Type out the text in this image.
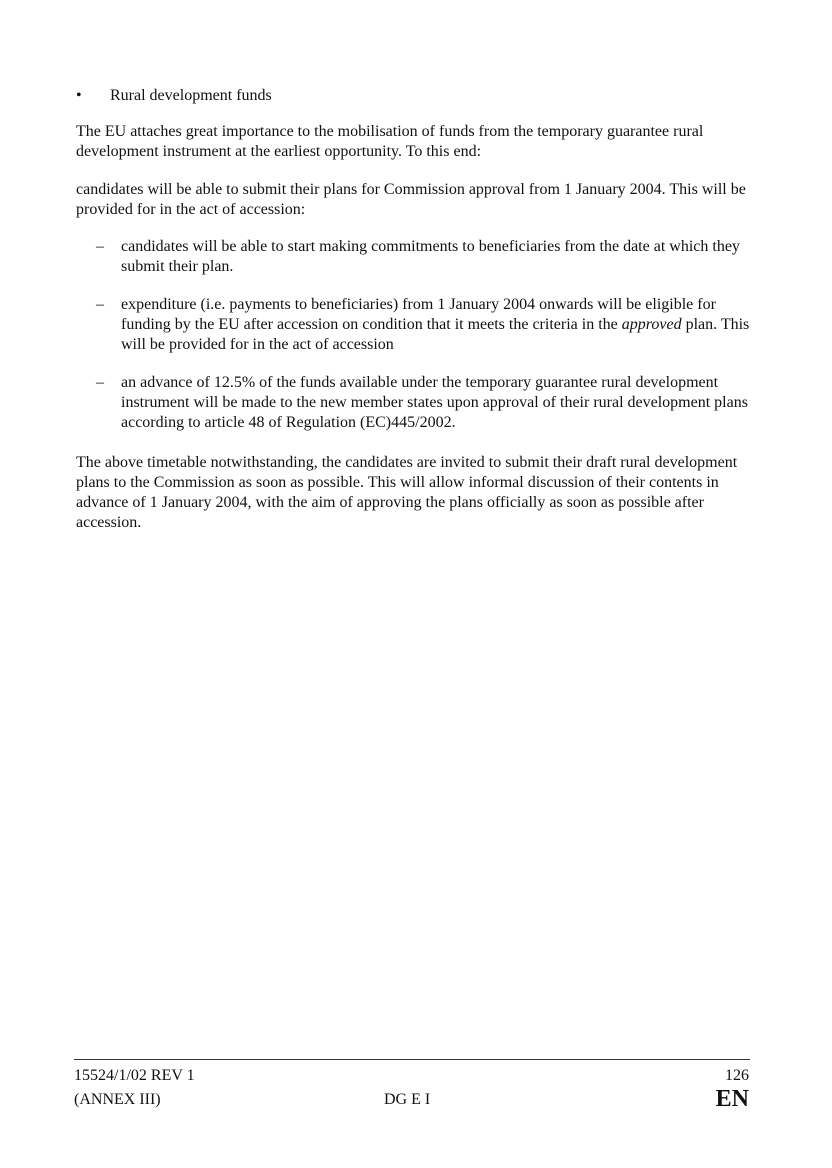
•	Rural development funds

The EU attaches great importance to the mobilisation of funds from the temporary guarantee rural development instrument at the earliest opportunity. To this end:

candidates will be able to submit their plans for Commission approval from 1 January 2004. This will be provided for in the act of accession:

–	candidates will be able to start making commitments to beneficiaries from the date at which they submit their plan.
–	expenditure (i.e. payments to beneficiaries) from 1 January 2004 onwards will be eligible for funding by the EU after accession on condition that it meets the criteria in the approved plan. This will be provided for in the act of accession
–	an advance of 12.5% of the funds available under the temporary guarantee rural development instrument will be made to the new member states upon approval of their rural development plans according to article 48 of Regulation (EC)445/2002.

The above timetable notwithstanding, the candidates are invited to submit their draft rural development plans to the Commission as soon as possible. This will allow informal discussion of their contents in advance of 1 January 2004, with the aim of approving the plans officially as soon as possible after accession.

15524/1/02 REV 1
(ANNEX III)	DG E I
126
EN
